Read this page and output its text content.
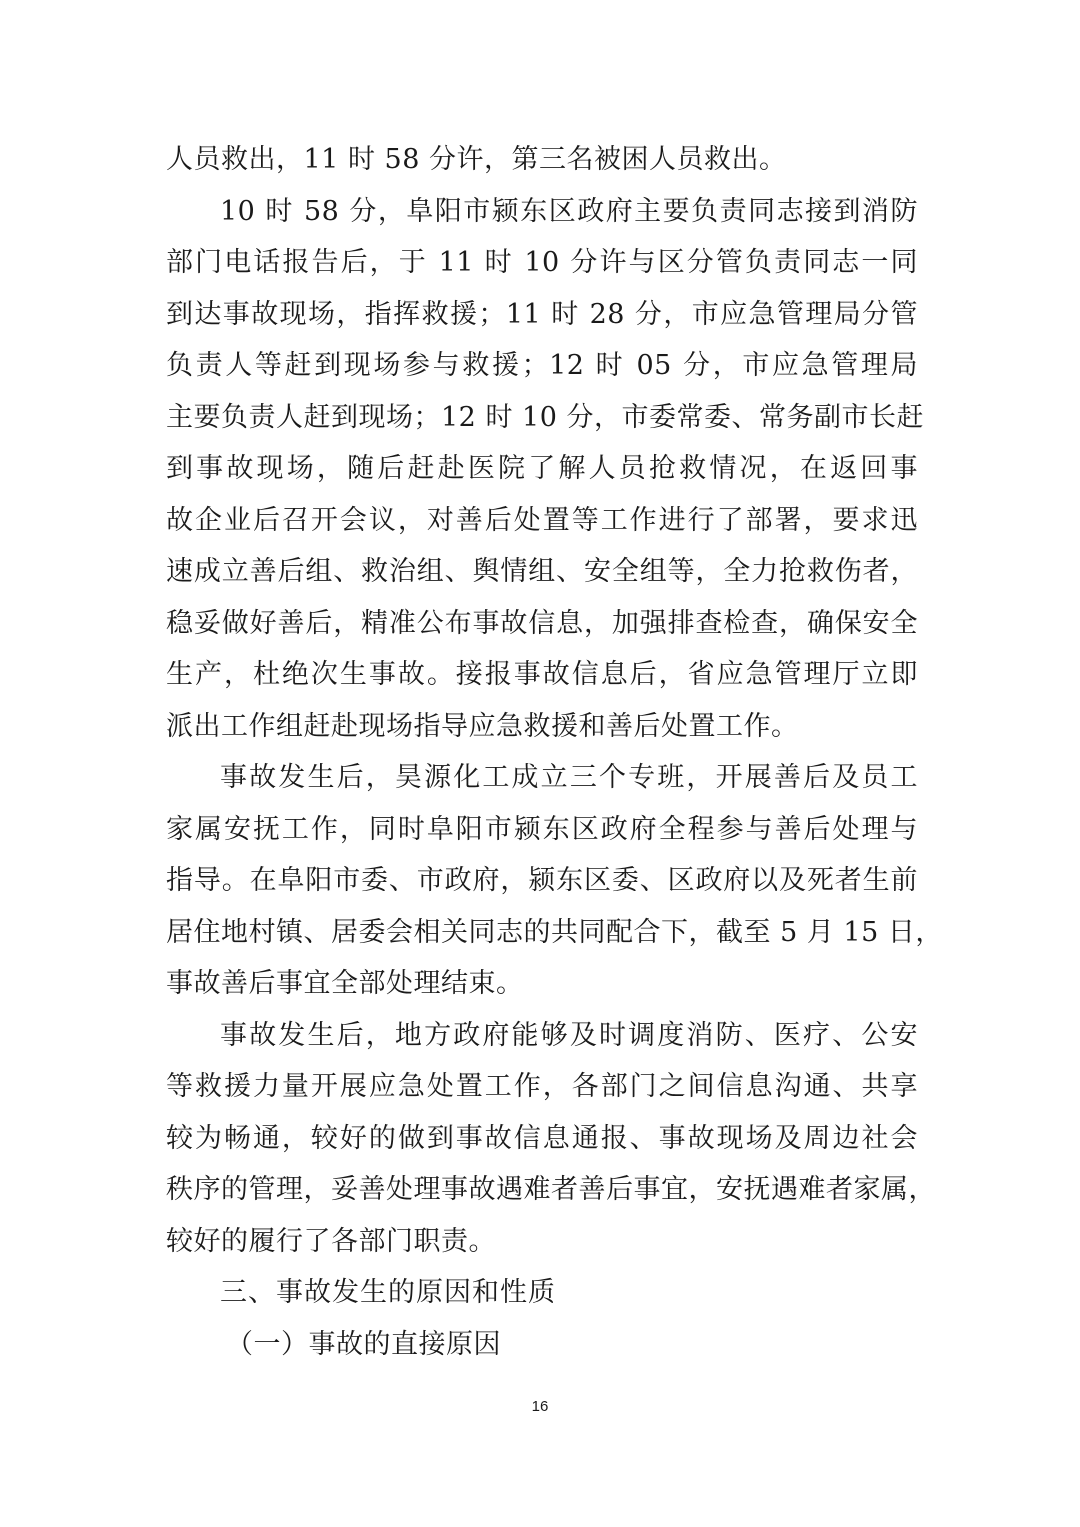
人员救出，11 时 58 分许，第三名被困人员救出。
10 时 58 分，阜阳市颍东区政府主要负责同志接到消防
部门电话报告后，于 11 时 10 分许与区分管负责同志一同
到达事故现场，指挥救援；11 时 28 分，市应急管理局分管
负责人等赶到现场参与救援；12 时 05 分，市应急管理局
主要负责人赶到现场；12 时 10 分，市委常委、常务副市长赶
到事故现场，随后赶赴医院了解人员抢救情况，在返回事
故企业后召开会议，对善后处置等工作进行了部署，要求迅
速成立善后组、救治组、舆情组、安全组等，全力抢救伤者，
稳妥做好善后，精准公布事故信息，加强排查检查，确保安全
生产，杜绝次生事故。接报事故信息后，省应急管理厅立即
派出工作组赶赴现场指导应急救援和善后处置工作。
事故发生后，昊源化工成立三个专班，开展善后及员工
家属安抚工作，同时阜阳市颍东区政府全程参与善后处理与
指导。在阜阳市委、市政府，颍东区委、区政府以及死者生前
居住地村镇、居委会相关同志的共同配合下，截至 5 月 15 日，
事故善后事宜全部处理结束。
事故发生后，地方政府能够及时调度消防、医疗、公安
等救援力量开展应急处置工作，各部门之间信息沟通、共享
较为畅通，较好的做到事故信息通报、事故现场及周边社会
秩序的管理，妥善处理事故遇难者善后事宜，安抚遇难者家属，
较好的履行了各部门职责。
三、事故发生的原因和性质
（一）事故的直接原因
16
